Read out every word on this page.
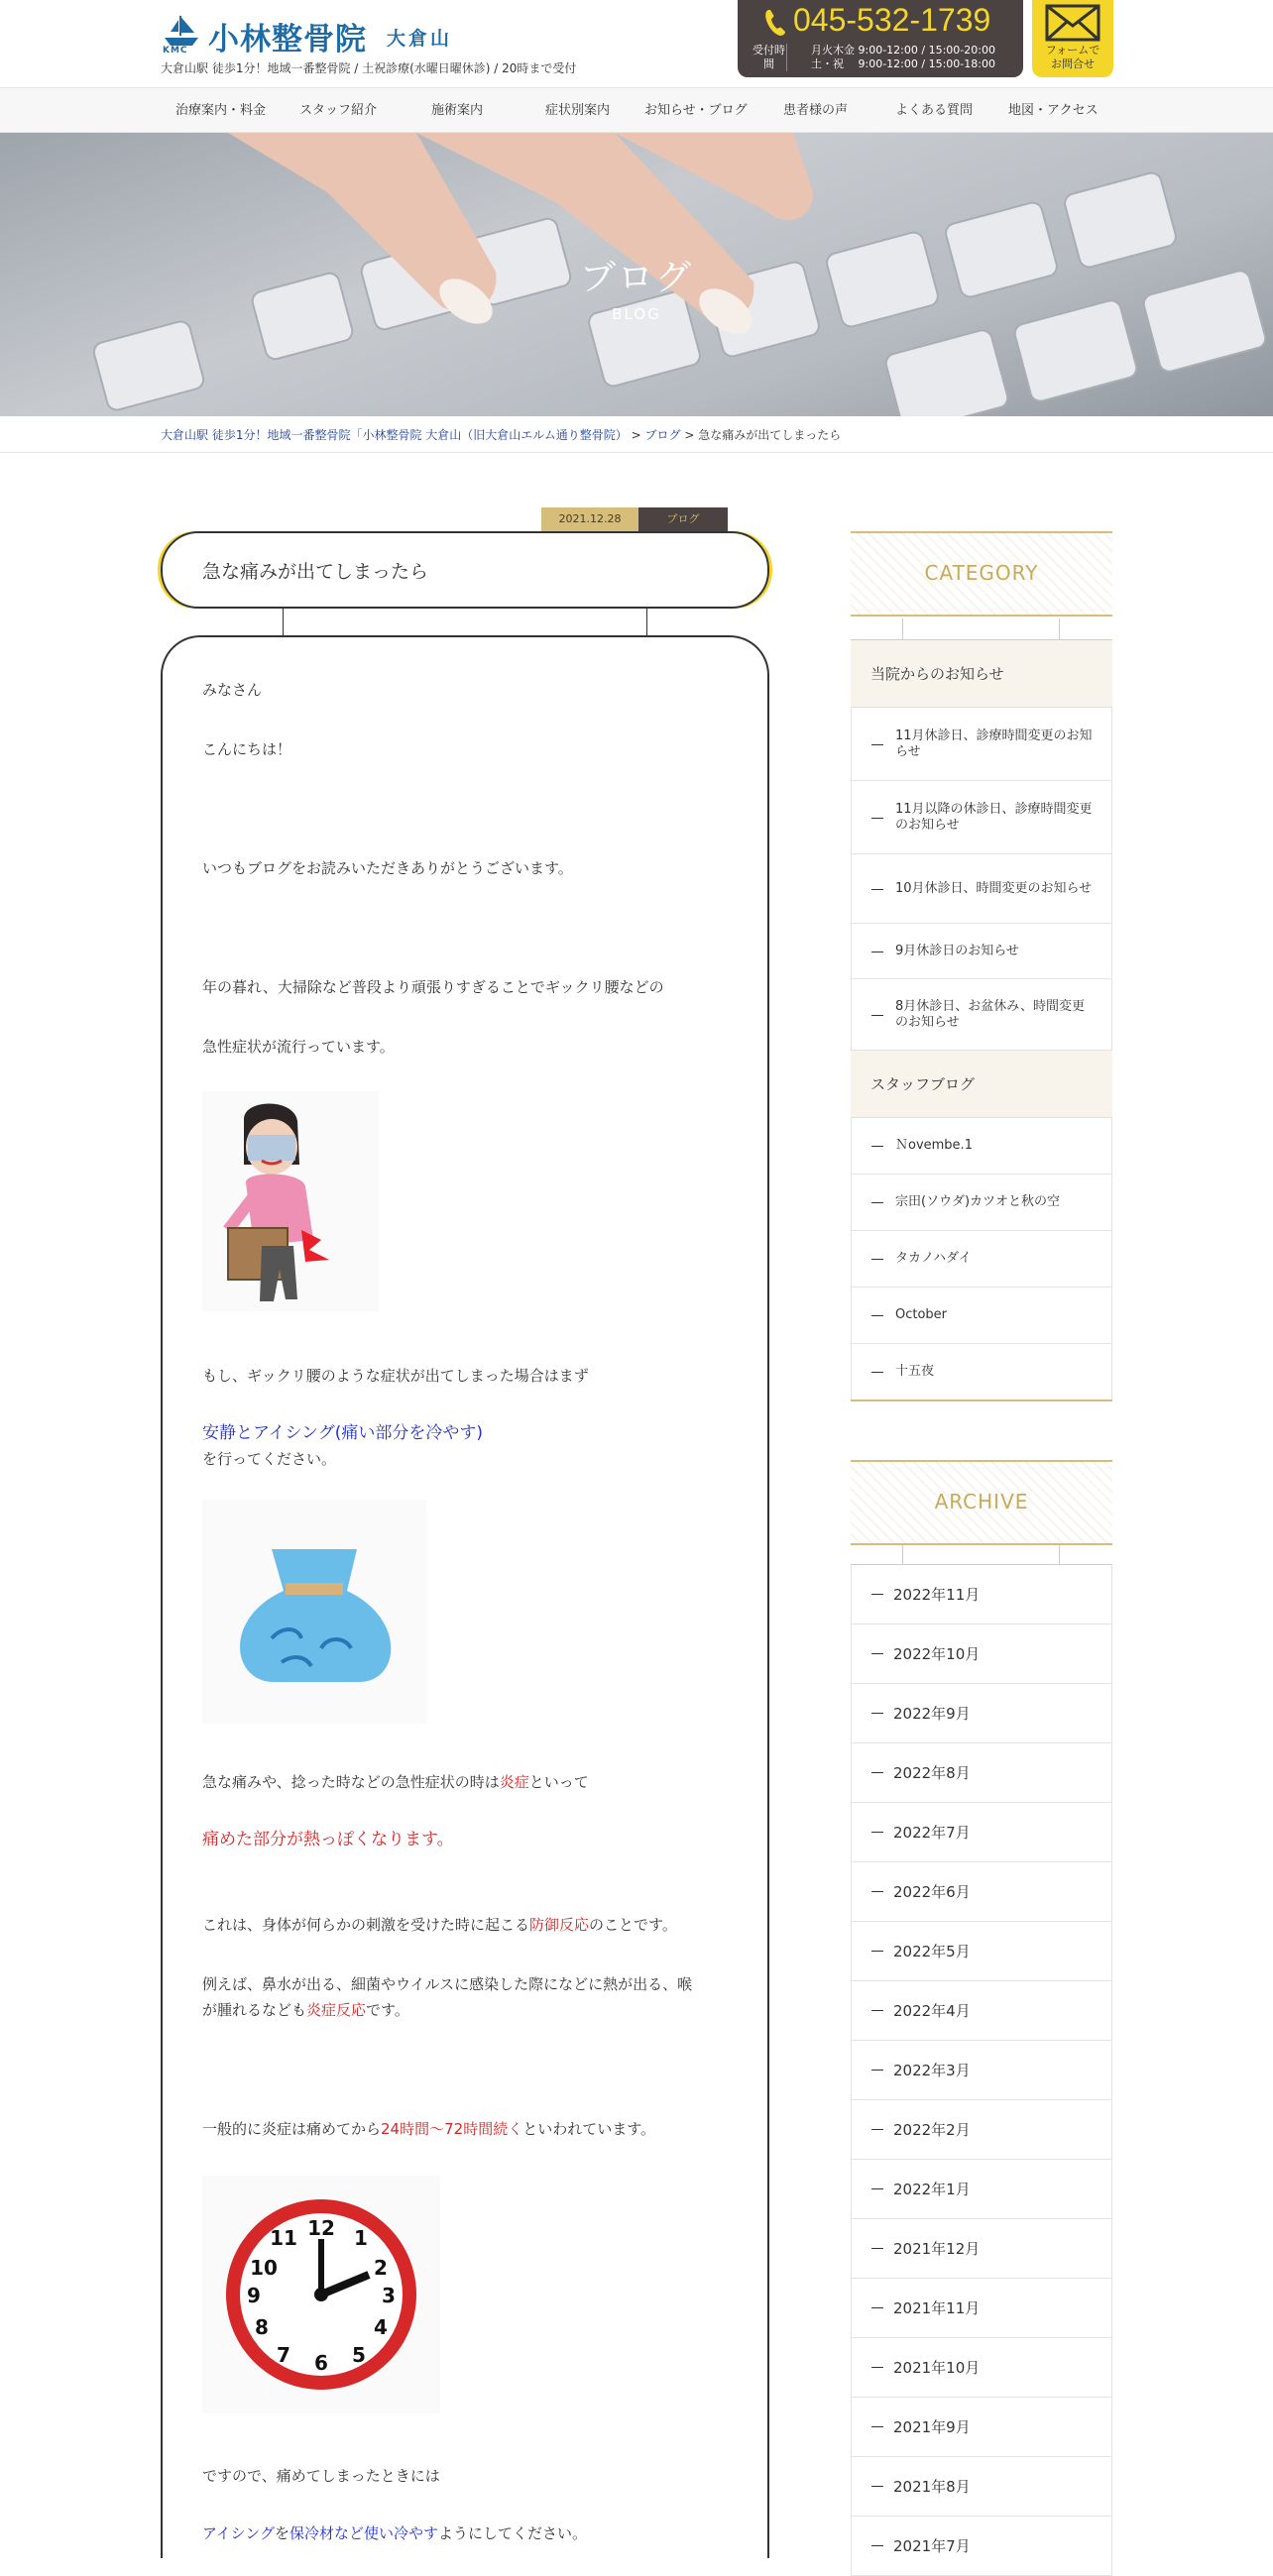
KMC 小林整骨院 大倉山
大倉山駅 徒歩1分！地域一番整骨院 / 土祝診療(水曜日曜休診) / 20時まで受付
045-532-1739
受付時間
月火木金 9:00-12:00 / 15:00-20:00
土・祝　 9:00-12:00 / 15:00-18:00
フォームで
お問合せ
治療案内・料金	スタッフ紹介	施術案内	症状別案内	お知らせ・ブログ	患者様の声	よくある質問	地図・アクセス
ブログ
BLOG
大倉山駅 徒歩1分！地域一番整骨院「小林整骨院 大倉山（旧大倉山エルム通り整骨院） > ブログ > 急な痛みが出てしまったら
2021.12.28	ブログ
急な痛みが出てしまったら
みなさん
こんにちは！
いつもブログをお読みいただきありがとうございます。
年の暮れ、大掃除など普段より頑張りすぎることでギックリ腰などの
急性症状が流行っています。
もし、ギックリ腰のような症状が出てしまった場合はまず
安静とアイシング(痛い部分を冷やす)
を行ってください。
急な痛みや、捻った時などの急性症状の時は炎症といって
痛めた部分が熱っぽくなります。
これは、身体が何らかの刺激を受けた時に起こる防御反応のことです。
例えば、鼻水が出る、細菌やウイルスに感染した際になどに熱が出る、喉
が腫れるなども炎症反応です。
一般的に炎症は痛めてから24時間～72時間続くといわれています。
12 1
2
3
4
5
6
7
8
9
10
11
ですので、痛めてしまったときには
アイシングを保冷材など使い冷やすようにしてください。
CATEGORY
当院からのお知らせ
11月休診日、診療時間変更のお知らせ
11月以降の休診日、診療時間変更のお知らせ
10月休診日、時間変更のお知らせ
9月休診日のお知らせ
8月休診日、お盆休み、時間変更のお知らせ
スタッフブログ
Ｎovembe.1
宗田(ソウダ)カツオと秋の空
タカノハダイ
October
十五夜
ARCHIVE
2022年11月
2022年10月
2022年9月
2022年8月
2022年7月
2022年6月
2022年5月
2022年4月
2022年3月
2022年2月
2022年1月
2021年12月
2021年11月
2021年10月
2021年9月
2021年8月
2021年7月
